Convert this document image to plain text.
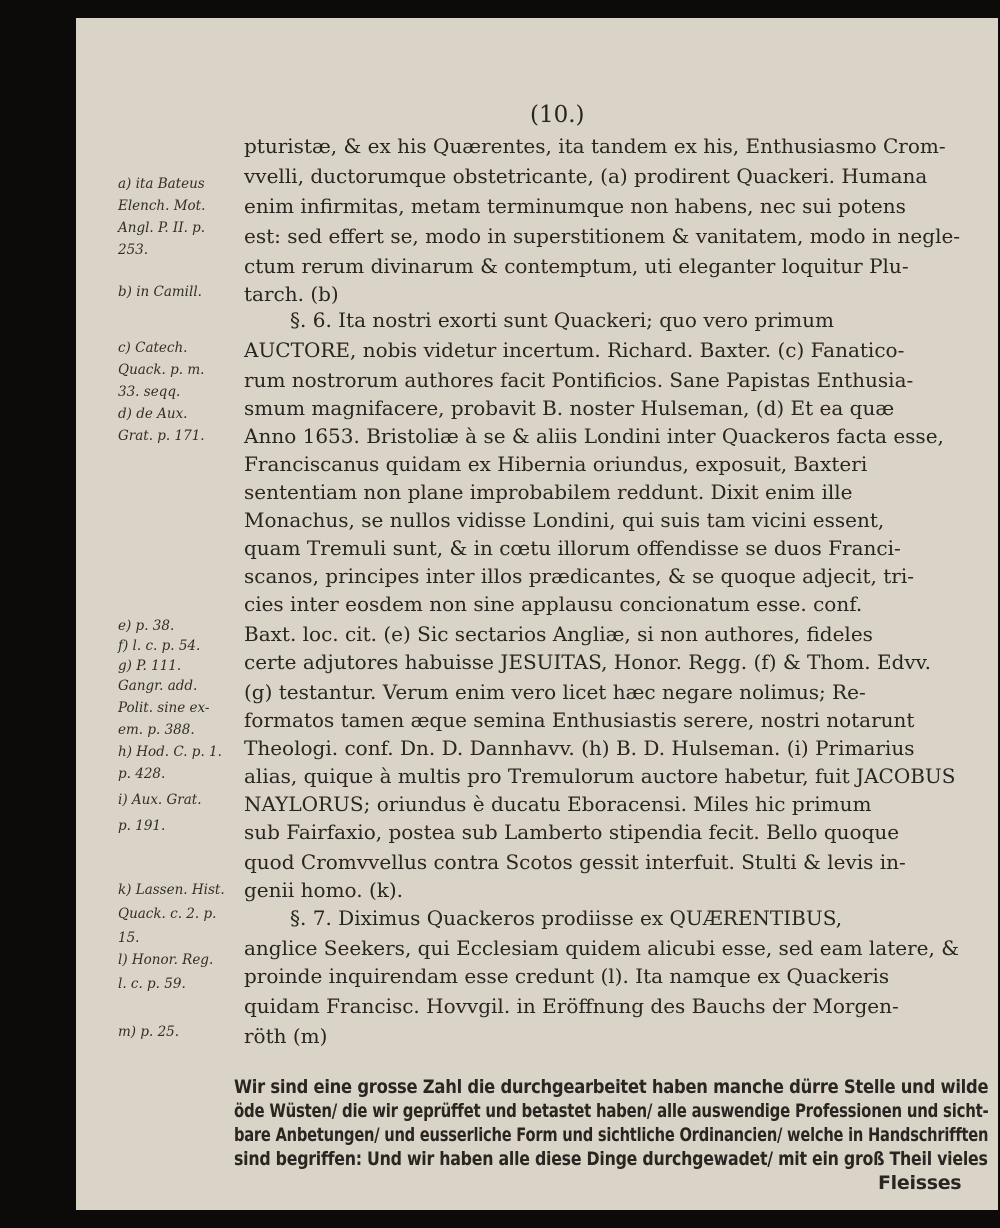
(10.)
pturistæ, & ex his Quærentes, ita tandem ex his, Enthusiasmo Crom-
vvelli, ductorumque obstetricante, (a) prodirent Quackeri. Humana
enim infirmitas, metam terminumque non habens, nec sui potens
est: sed effert se, modo in superstitionem & vanitatem, modo in negle-
ctum rerum divinarum & contemptum, uti eleganter loquitur Plu-
tarch. (b)
§. 6. Ita nostri exorti sunt Quackeri; quo vero primum
AUCTORE, nobis videtur incertum. Richard. Baxter. (c) Fanatico-
rum nostrorum authores facit Pontificios. Sane Papistas Enthusia-
smum magnifacere, probavit B. noster Hulseman, (d) Et ea quæ
Anno 1653. Bristoliæ à se & aliis Londini inter Quackeros facta esse,
Franciscanus quidam ex Hibernia oriundus, exposuit, Baxteri
sententiam non plane improbabilem reddunt. Dixit enim ille
Monachus, se nullos vidisse Londini, qui suis tam vicini essent,
quam Tremuli sunt, & in cœtu illorum offendisse se duos Franci-
scanos, principes inter illos prædicantes, & se quoque adjecit, tri-
cies inter eosdem non sine applausu concionatum esse. conf.
Baxt. loc. cit. (e) Sic sectarios Angliæ, si non authores, fideles
certe adjutores habuisse JESUITAS, Honor. Regg. (f) & Thom. Edvv.
(g) testantur. Verum enim vero licet hæc negare nolimus; Re-
formatos tamen æque semina Enthusiastis serere, nostri notarunt
Theologi. conf. Dn. D. Dannhavv. (h) B. D. Hulseman. (i) Primarius
alias, quique à multis pro Tremulorum auctore habetur, fuit JACOBUS
NAYLORUS; oriundus è ducatu Eboracensi. Miles hic primum
sub Fairfaxio, postea sub Lamberto stipendia fecit. Bello quoque
quod Cromvvellus contra Scotos gessit interfuit. Stulti & levis in-
genii homo. (k).
§. 7. Diximus Quackeros prodiisse ex QUÆRENTIBUS,
anglice Seekers, qui Ecclesiam quidem alicubi esse, sed eam latere, &
proinde inquirendam esse credunt (l). Ita namque ex Quackeris
quidam Francisc. Hovvgil. in Eröffnung des Bauchs der Morgen-
röth (m)
a) ita Bateus
Elench. Mot.
Angl. P. II. p.
253.
b) in Camill.
c) Catech.
Quack. p. m.
33. seqq.
d) de Aux.
Grat. p. 171.
e) p. 38.
f) l. c. p. 54.
g) P. 111.
Gangr. add.
Polit. sine ex-
em. p. 388.
h) Hod. C. p. 1.
p. 428.
i) Aux. Grat.
p. 191.
k) Lassen. Hist.
Quack. c. 2. p.
15.
l) Honor. Reg.
l. c. p. 59.
m) p. 25.
Wir sind eine grosse Zahl die durchgearbeitet haben manche dürre Stelle und wilde
öde Wüsten/ die wir geprüffet und betastet haben/ alle auswendige Professionen und sicht-
bare Anbetungen/ und eusserliche Form und sichtliche Ordinancien/ welche in Handschrifften
sind begriffen: Und wir haben alle diese Dinge durchgewadet/ mit ein groß Theil vieles
Fleisses
